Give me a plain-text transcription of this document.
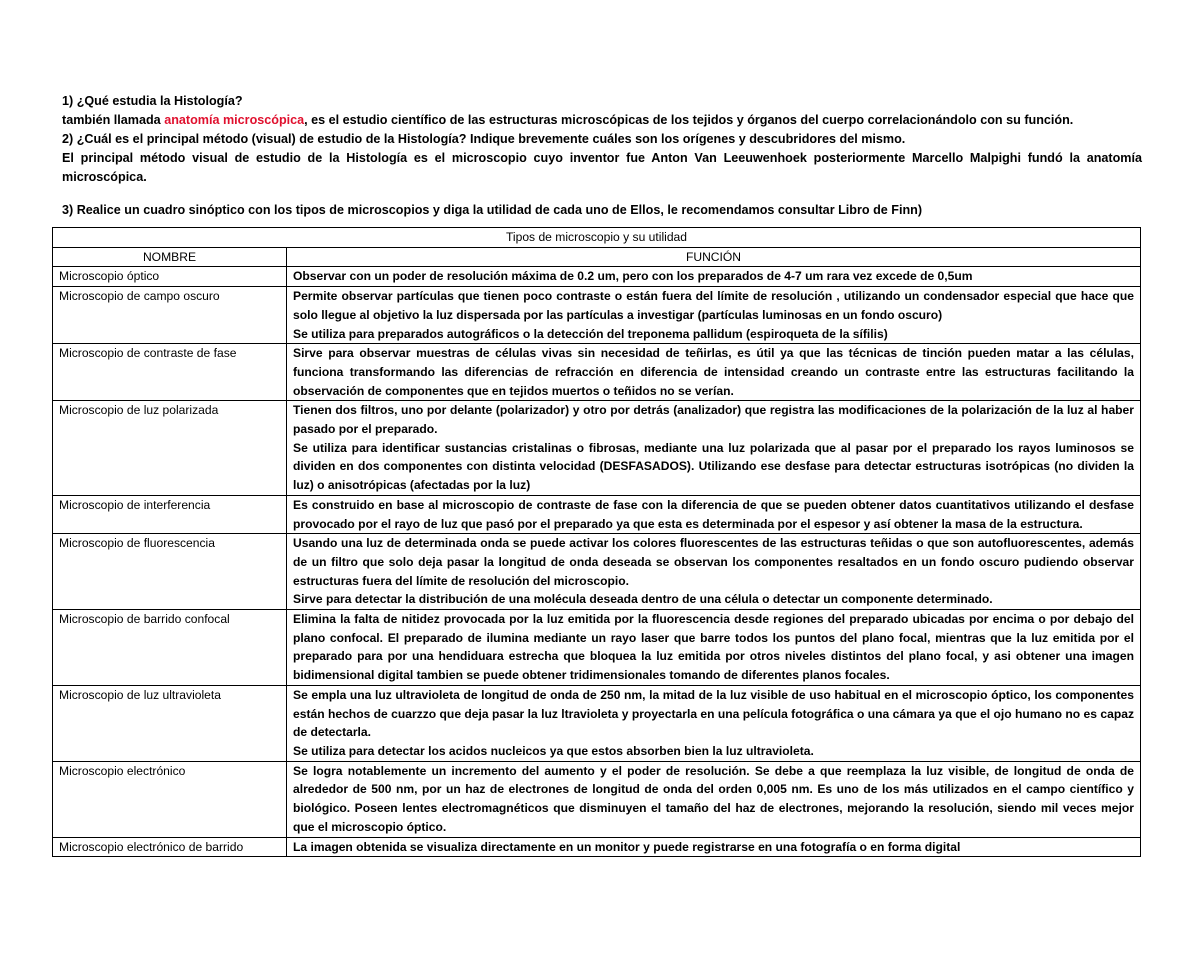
1) ¿Qué estudia la Histología?

también llamada anatomía microscópica, es el estudio científico de las estructuras microscópicas de los tejidos y órganos del cuerpo correlacionándolo con su función.

2) ¿Cuál es el principal método (visual) de estudio de la Histología? Indique brevemente cuáles son los orígenes y descubridores del mismo.

El principal método visual de estudio de la Histología es el microscopio cuyo inventor fue Anton Van Leeuwenhoek posteriormente Marcello Malpighi fundó la anatomía microscópica.

3) Realice un cuadro sinóptico con los tipos de microscopios y diga la utilidad de cada uno de Ellos, le recomendamos consultar Libro de Finn)

Tipos de microscopio y su utilidad	
NOMBRE	FUNCIÓN
Microscopio óptico	Observar con un poder de resolución máxima de 0.2 um, pero con los preparados de 4-7 um rara vez excede de 0,5um

Microscopio de campo oscuro	Permite observar partículas que tienen poco contraste o están fuera del límite de resolución , utilizando un condensador especial que hace que solo llegue al objetivo la luz dispersada por las partículas a investigar (partículas luminosas en un fondo oscuro)

Se utiliza para preparados autográficos o la detección del treponema pallidum (espiroqueta de la sífilis)

Microscopio de contraste de fase	Sirve para observar muestras de células vivas sin necesidad de teñirlas, es útil ya que las técnicas de tinción pueden matar a las células, funciona transformando las diferencias de refracción en diferencia de intensidad creando un contraste entre las estructuras facilitando la observación de componentes que en tejidos muertos o teñidos no se verían.

Microscopio de luz polarizada	Tienen dos filtros, uno por delante (polarizador) y otro por detrás (analizador) que registra las modificaciones de la polarización de la luz al haber pasado por el preparado.

Se utiliza para identificar sustancias cristalinas o fibrosas, mediante una luz polarizada que al pasar por el preparado los rayos luminosos se dividen en dos componentes con distinta velocidad (DESFASADOS). Utilizando ese desfase para detectar estructuras isotrópicas (no dividen la luz) o anisotrópicas (afectadas por la luz)

Microscopio de interferencia	Es construido en base al microscopio de contraste de fase con la diferencia de que se pueden obtener datos cuantitativos utilizando el desfase provocado por el rayo de luz que pasó por el preparado ya que esta es determinada por el espesor y así obtener la masa de la estructura.

Microscopio de fluorescencia	Usando una luz de determinada onda se puede activar los colores fluorescentes de las estructuras teñidas o que son autofluorescentes, además de un filtro que solo deja pasar la longitud de onda deseada se observan los componentes resaltados en un fondo oscuro pudiendo observar estructuras fuera del límite de resolución del microscopio.

Sirve para detectar la distribución de una molécula deseada dentro de una célula o detectar un componente determinado.

Microscopio de barrido confocal	Elimina la falta de nitidez provocada por la luz emitida por la fluorescencia desde regiones del preparado ubicadas por encima o por debajo del plano confocal. El preparado de ilumina mediante un rayo laser que barre todos los puntos del plano focal, mientras que la luz emitida por el preparado para por una hendiduara estrecha que bloquea la luz emitida por otros niveles distintos del plano focal, y asi obtener una imagen bidimensional digital tambien se puede obtener tridimensionales tomando de diferentes planos focales.

Microscopio de luz ultravioleta	Se empla una luz ultravioleta de longitud de onda de 250 nm, la mitad de la luz visible de uso habitual en el microscopio óptico, los componentes están hechos de cuarzzo que deja pasar la luz ltravioleta y proyectarla en una película fotográfica o una cámara ya que el ojo humano no es capaz de detectarla.

Se utiliza para detectar los acidos nucleicos ya que estos absorben bien la luz ultravioleta.

Microscopio electrónico	Se logra notablemente un incremento del aumento y el poder de resolución. Se debe a que reemplaza la luz visible, de longitud de onda de alrededor de 500 nm, por un haz de electrones de longitud de onda del orden 0,005 nm. Es uno de los más utilizados en el campo científico y biológico. Poseen lentes electromagnéticos que disminuyen el tamaño del haz de electrones, mejorando la resolución, siendo mil veces mejor que el microscopio óptico.

Microscopio electrónico de barrido	La imagen obtenida se visualiza directamente en un monitor y puede registrarse en una fotografía o en forma digital
